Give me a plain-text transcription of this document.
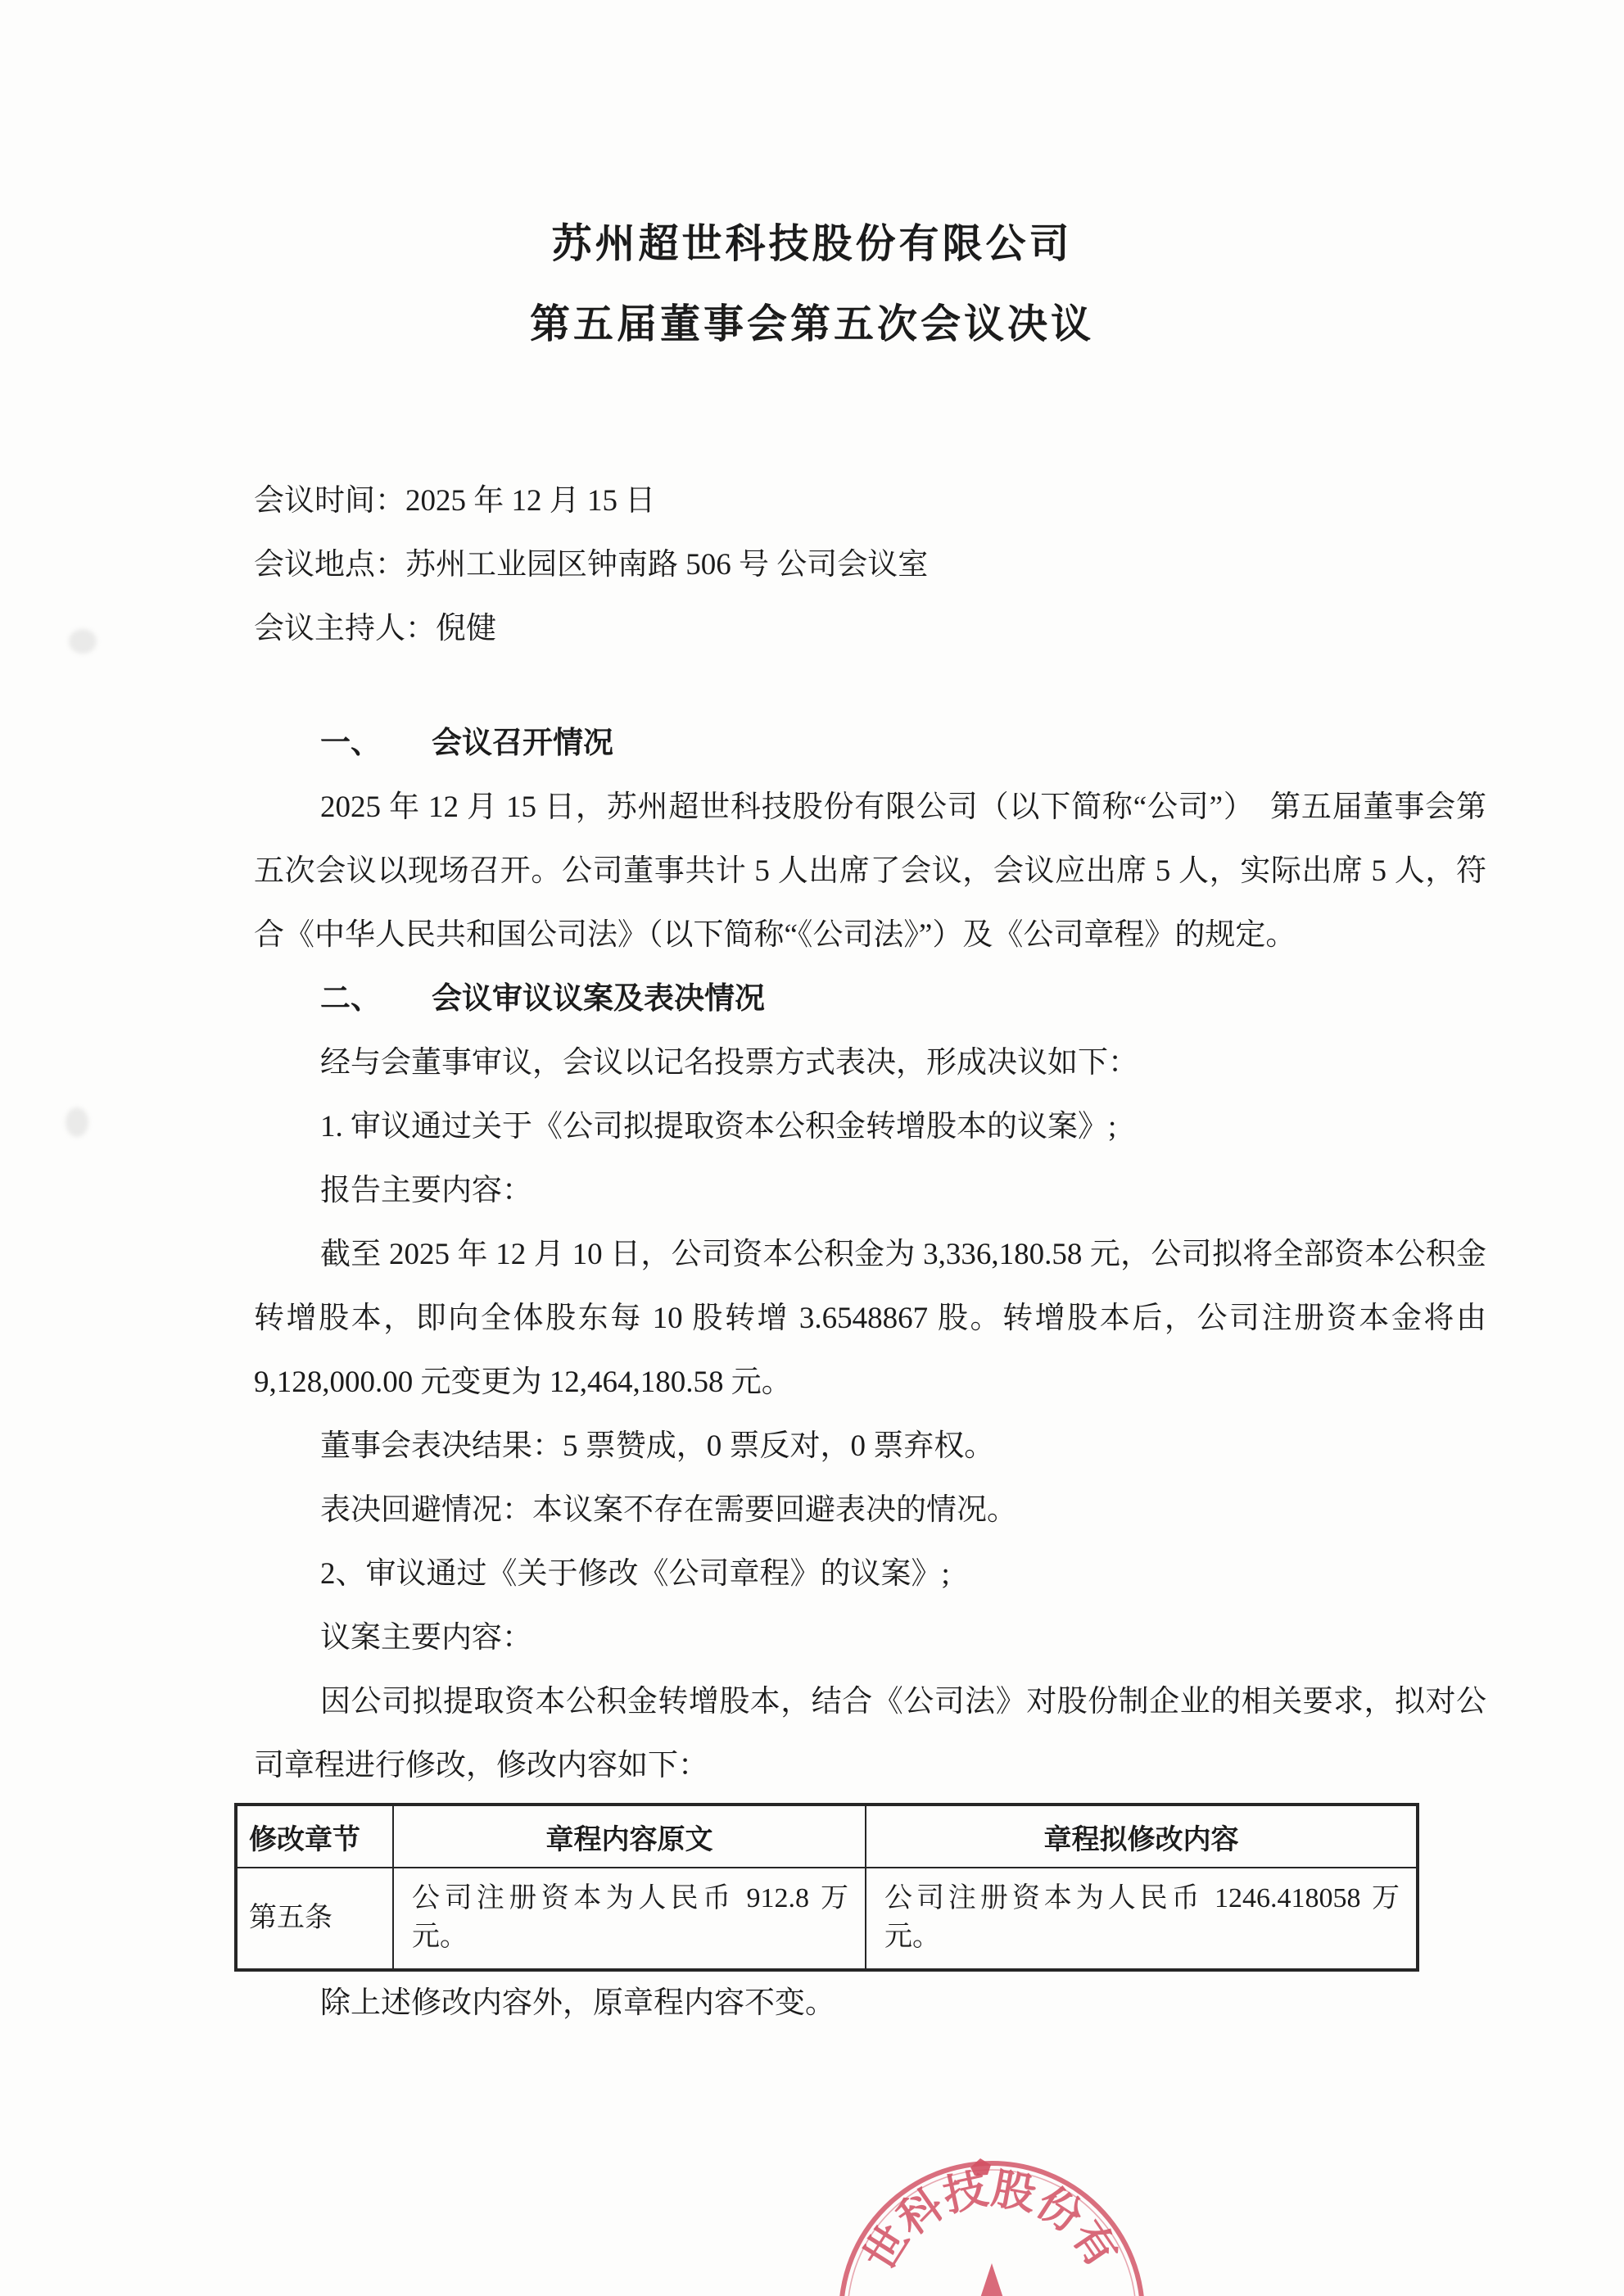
苏州超世科技股份有限公司
第五届董事会第五次会议决议

会议时间：2025 年 12 月 15 日

会议地点：苏州工业园区钟南路 506 号 公司会议室

会议主持人：倪健

一、 会议召开情况

2025 年 12 月 15 日，苏州超世科技股份有限公司（以下简称“公司”）　第五届董事会第五次会议以现场召开。公司董事共计 5 人出席了会议，会议应出席 5 人，实际出席 5 人，符合《中华人民共和国公司法》（以下简称“《公司法》”）及《公司章程》的规定。

二、 会议审议议案及表决情况

经与会董事审议，会议以记名投票方式表决，形成决议如下：

1. 审议通过关于《公司拟提取资本公积金转增股本的议案》;

报告主要内容：

截至 2025 年 12 月 10 日，公司资本公积金为 3,336,180.58 元，公司拟将全部资本公积金转增股本，即向全体股东每 10 股转增 3.6548867 股。转增股本后，公司注册资本金将由 9,128,000.00 元变更为 12,464,180.58 元。

董事会表决结果：5 票赞成，0 票反对，0 票弃权。

表决回避情况：本议案不存在需要回避表决的情况。

2、审议通过《关于修改《公司章程》的议案》;

议案主要内容：

因公司拟提取资本公积金转增股本，结合《公司法》对股份制企业的相关要求，拟对公司章程进行修改，修改内容如下：

修改章节	章程内容原文	章程拟修改内容
第五条	公司注册资本为人民币 912.8 万元。	公司注册资本为人民币 1246.418058 万元。

除上述修改内容外，原章程内容不变。

世科技股份有
